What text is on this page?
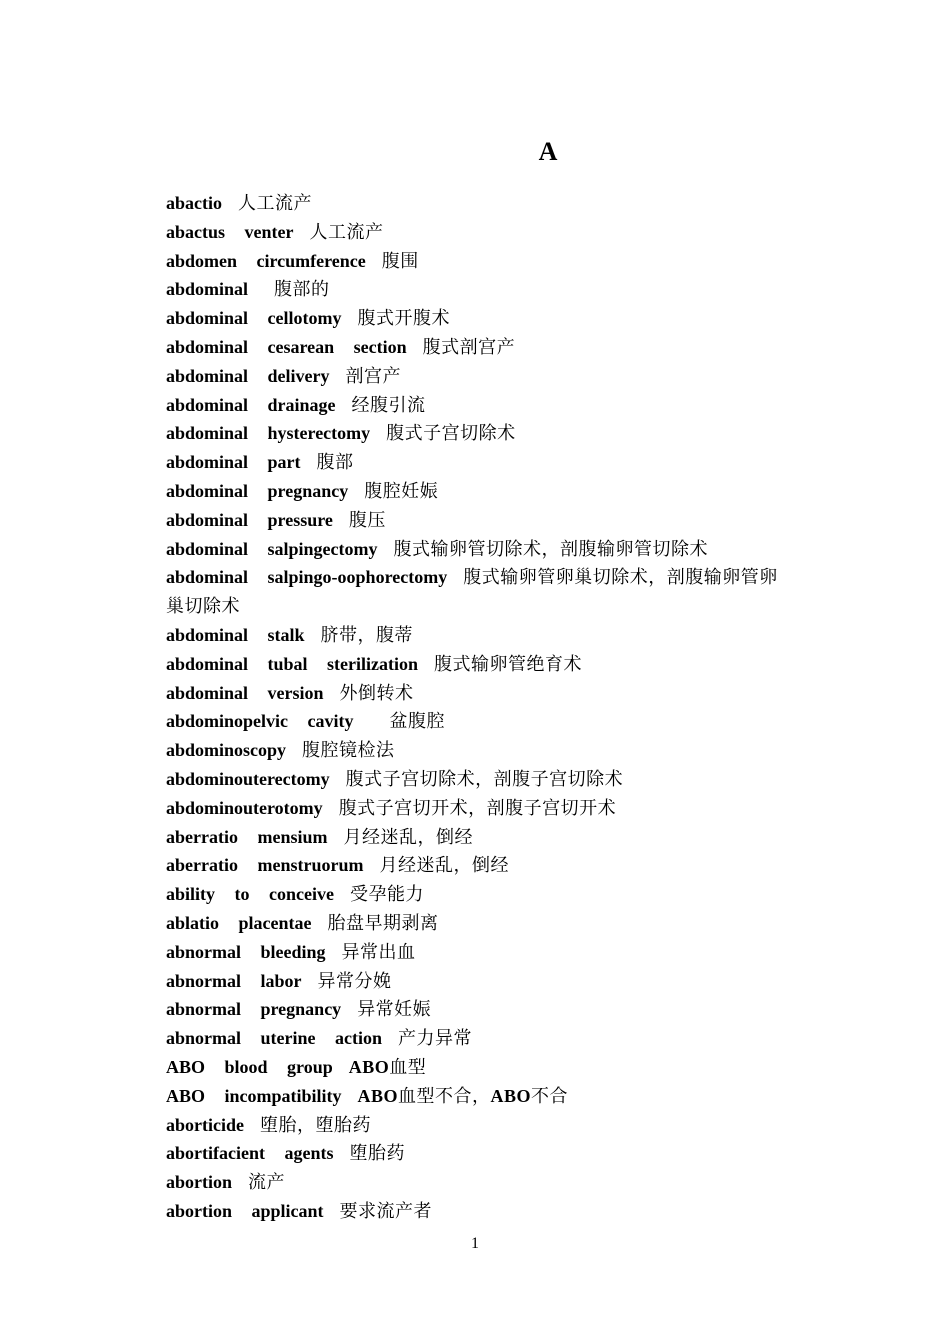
A
abactio 人工流产
abactus venter 人工流产
abdomen circumference 腹围
abdominal 腹部的
abdominal cellotomy 腹式开腹术
abdominal cesarean section 腹式剖宫产
abdominal delivery 剖宫产
abdominal drainage 经腹引流
abdominal hysterectomy 腹式子宫切除术
abdominal part 腹部
abdominal pregnancy 腹腔妊娠
abdominal pressure 腹压
abdominal salpingectomy 腹式输卵管切除术，剖腹输卵管切除术
abdominal salpingo-oophorectomy 腹式输卵管卵巢切除术，剖腹输卵管卵巢切除术
abdominal stalk 脐带，腹蒂
abdominal tubal sterilization 腹式输卵管绝育术
abdominal version 外倒转术
abdominopelvic cavity 盆腹腔
abdominoscopy 腹腔镜检法
abdominouterectomy 腹式子宫切除术，剖腹子宫切除术
abdominouterotomy 腹式子宫切开术，剖腹子宫切开术
aberratio mensium 月经迷乱，倒经
aberratio menstruorum 月经迷乱，倒经
ability to conceive 受孕能力
ablatio placentae 胎盘早期剥离
abnormal bleeding 异常出血
abnormal labor 异常分娩
abnormal pregnancy 异常妊娠
abnormal uterine action 产力异常
ABO blood group ABO血型
ABO incompatibility ABO血型不合，ABO不合
aborticide 堕胎，堕胎药
abortifacient agents 堕胎药
abortion 流产
abortion applicant 要求流产者
1
